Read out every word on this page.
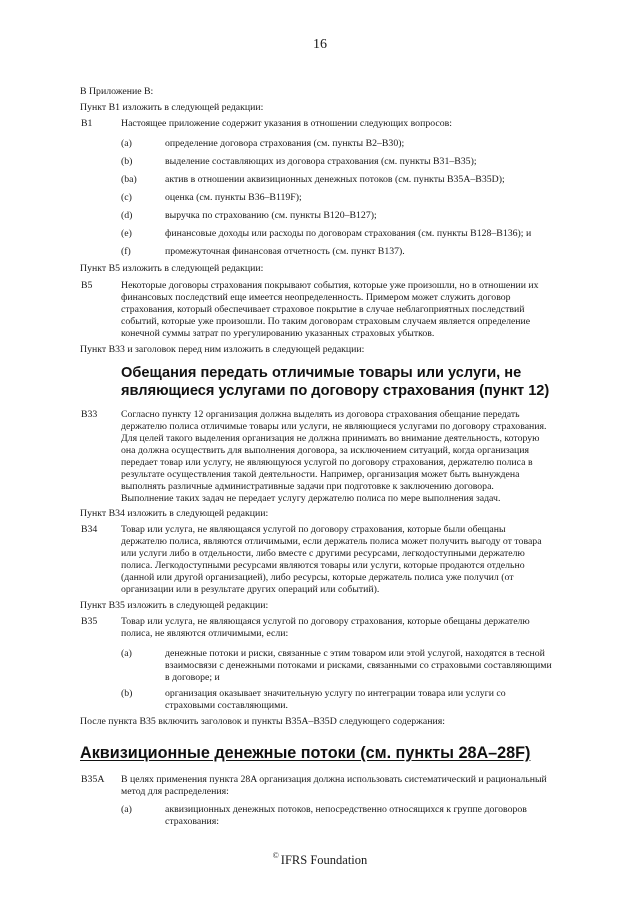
16
В Приложение В:
Пункт B1 изложить в следующей редакции:
B1	Настоящее приложение содержит указания в отношении следующих вопросов:
(a)	определение договора страхования (см. пункты B2–B30);
(b)	выделение составляющих из договора страхования (см. пункты B31–B35);
(ba)	актив в отношении аквизиционных денежных потоков (см. пункты B35A–B35D);
(c)	оценка (см. пункты B36–B119F);
(d)	выручка по страхованию (см. пункты B120–B127);
(e)	финансовые доходы или расходы по договорам страхования (см. пункты B128–B136); и
(f)	промежуточная финансовая отчетность (см. пункт B137).
Пункт B5 изложить в следующей редакции:
B5	Некоторые договоры страхования покрывают события, которые уже произошли, но в отношении их
финансовых последствий еще имеется неопределенность. Примером может служить договор
страхования, который обеспечивает страховое покрытие в случае неблагоприятных последствий
событий, которые уже произошли. По таким договорам страховым случаем является определение
конечной суммы затрат по урегулированию указанных страховых убытков.
Пункт B33 и заголовок перед ним изложить в следующей редакции:
Обещания передать отличимые товары или услуги, не
являющиеся услугами по договору страхования (пункт 12)
B33 Согласно пункту 12 организация должна выделять из договора страхования обещание передать
держателю полиса отличимые товары или услуги, не являющиеся услугами по договору страхования.
Для целей такого выделения организация не должна принимать во внимание деятельность, которую
она должна осуществить для выполнения договора, за исключением ситуаций, когда организация
передает товар или услугу, не являющуюся услугой по договору страхования, держателю полиса в
результате осуществления такой деятельности. Например, организация может быть вынуждена
выполнять различные административные задачи при подготовке к заключению договора.
Выполнение таких задач не передает услугу держателю полиса по мере выполнения задач.
Пункт B34 изложить в следующей редакции:
B34 Товар или услуга, не являющаяся услугой по договору страхования, которые были обещаны
держателю полиса, являются отличимыми, если держатель полиса может получить выгоду от товара
или услуги либо в отдельности, либо вместе с другими ресурсами, легкодоступными держателю
полиса. Легкодоступными ресурсами являются товары или услуги, которые продаются отдельно
(данной или другой организацией), либо ресурсы, которые держатель полиса уже получил (от
организации или в результате других операций или событий).
Пункт B35 изложить в следующей редакции:
B35 Товар или услуга, не являющаяся услугой по договору страхования, которые обещаны держателю
полиса, не являются отличимыми, если:
(a)	денежные потоки и риски, связанные с этим товаром или этой услугой, находятся в тесной
взаимосвязи с денежными потоками и рисками, связанными со страховыми составляющими
в договоре; и
(b)	организация оказывает значительную услугу по интеграции товара или услуги со
страховыми составляющими.
После пункта B35 включить заголовок и пункты B35A–B35D следующего содержания:
Аквизиционные денежные потоки (см. пункты 28A–28F)
B35A В целях применения пункта 28A организация должна использовать систематический и рациональный
метод для распределения:
(a)	аквизиционных денежных потоков, непосредственно относящихся к группе договоров
страхования:
© IFRS Foundation
